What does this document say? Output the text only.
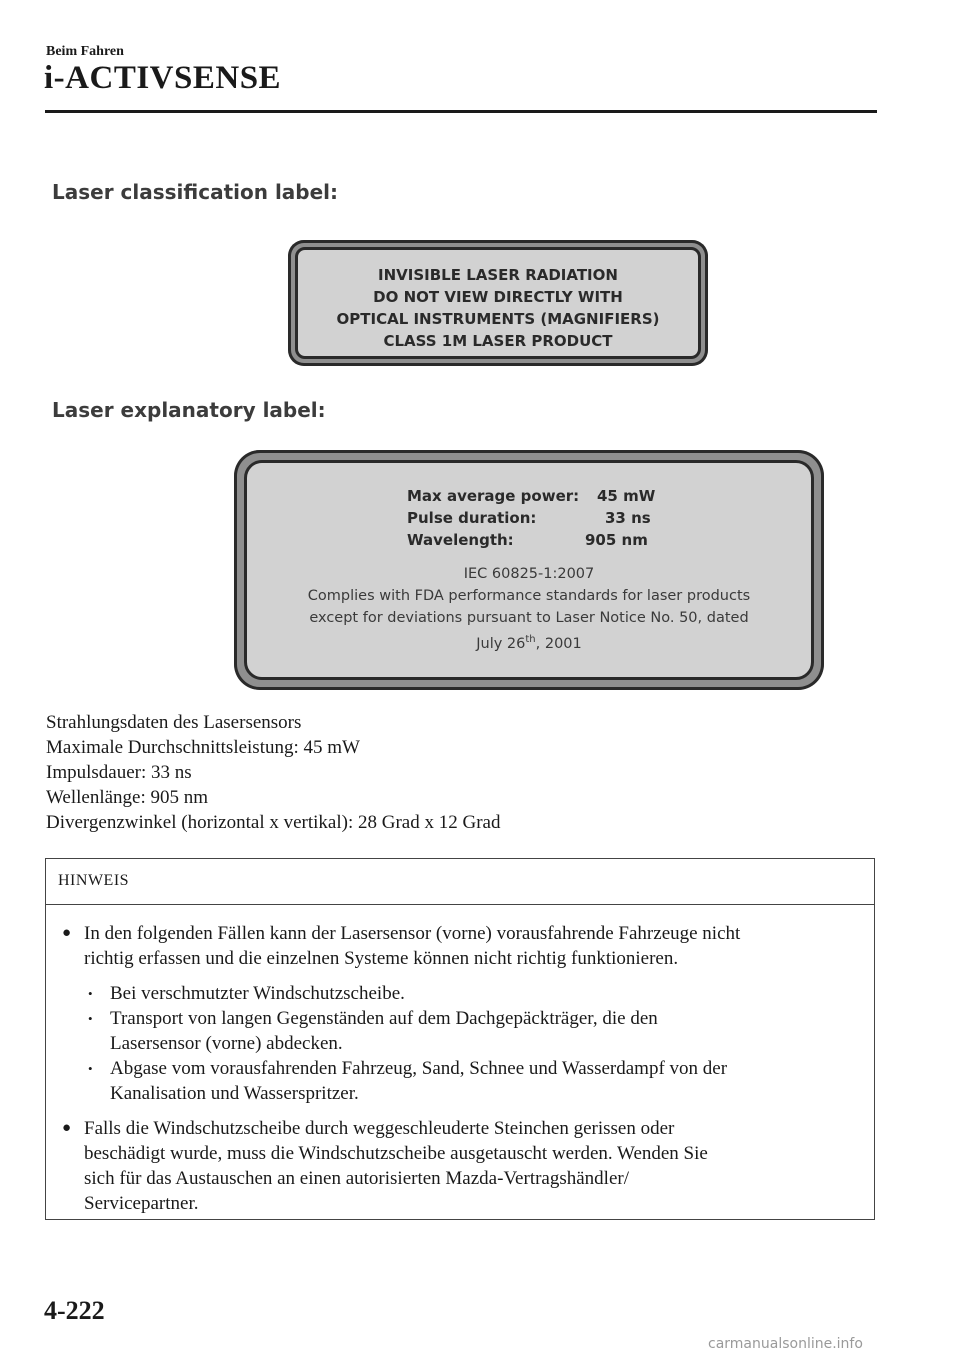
Beim Fahren
i-ACTIVSENSE
Laser classification label:
INVISIBLE LASER RADIATION
DO NOT VIEW DIRECTLY WITH
OPTICAL INSTRUMENTS (MAGNIFIERS)
CLASS 1M LASER PRODUCT
Laser explanatory label:
Max average power: 45 mW
Pulse duration:	33 ns
Wavelength:	905 nm
IEC 60825-1:2007
Complies with FDA performance standards for laser products
except for deviations pursuant to Laser Notice No. 50, dated
July 26th, 2001
Strahlungsdaten des Lasersensors
Maximale Durchschnittsleistung: 45 mW
Impulsdauer: 33 ns
Wellenlänge: 905 nm
Divergenzwinkel (horizontal x vertikal): 28 Grad x 12 Grad
HINWEIS
● In den folgenden Fällen kann der Lasersensor (vorne) vorausfahrende Fahrzeuge nicht
richtig erfassen und die einzelnen Systeme können nicht richtig funktionieren.
• Bei verschmutzter Windschutzscheibe.
• Transport von langen Gegenständen auf dem Dachgepäckträger, die den
Lasersensor (vorne) abdecken.
• Abgase vom vorausfahrenden Fahrzeug, Sand, Schnee und Wasserdampf von der
Kanalisation und Wasserspritzer.
● Falls die Windschutzscheibe durch weggeschleuderte Steinchen gerissen oder
beschädigt wurde, muss die Windschutzscheibe ausgetauscht werden. Wenden Sie
sich für das Austauschen an einen autorisierten Mazda-Vertragshändler/
Servicepartner.
4-222
carmanualsonline.info
